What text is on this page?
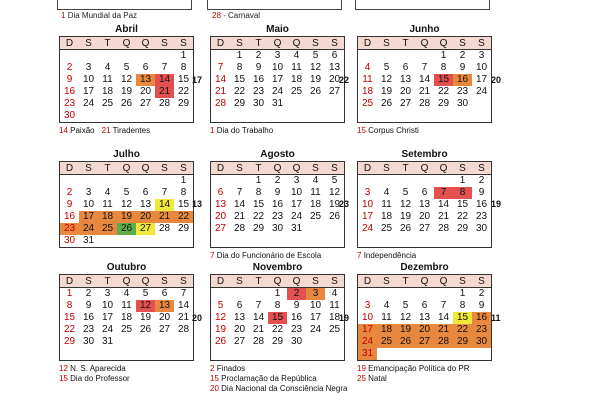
1 Dia Mundial da Paz	28 - Carnaval
Abril
D	S	T	Q	Q	S	S
						1
2	3	4	5	6	7	8
9	10	11	12	13	14	15
16	17	18	19	20	21	22
23	24	25	26	27	28	29
30						
14 Paixão 21 Tiradentes
17
Maio
D	S	T	Q	Q	S	S
	1	2	3	4	5	6
7	8	9	10	11	12	13
14	15	16	17	18	19	20
21	22	23	24	25	26	27
28	29	30	31			

1 Dia do Trabalho
22
Junho
D	S	T	Q	Q	S	S
				1	2	3
4	5	6	7	8	9	10
11	12	13	14	15	16	17
18	19	20	21	22	23	24
25	26	27	28	29	30	

15 Corpus Christi
20
Julho
D	S	T	Q	Q	S	S
						1
2	3	4	5	6	7	8
9	10	11	12	13	14	15
16	17	18	19	20	21	22
23	24	25	26	27	28	29
30	31					
13
Agosto
D	S	T	Q	Q	S	S
		1	2	3	4	5
6	7	8	9	10	11	12
13	14	15	16	17	18	19
20	21	22	23	24	25	26
27	28	29	30	31		

7 Dia do Funcionário de Escola
23
Setembro
D	S	T	Q	Q	S	S
					1	2
3	4	5	6	7	8	9
10	11	12	13	14	15	16
17	18	19	20	21	22	23
24	25	26	27	28	29	30

7 Independência
19
Outubro
D	S	T	Q	Q	S	S
1	2	3	4	5	6	7
8	9	10	11	12	13	14
15	16	17	18	19	20	21
22	23	24	25	26	27	28
29	30	31				

12 N. S. Aparecida
15 Dia do Professor
20
Novembro
D	S	T	Q	Q	S	S
			1	2	3	4
5	6	7	8	9	10	11
12	13	14	15	16	17	18
19	20	21	22	23	24	25
26	27	28	29	30		

2 Finados
15 Proclamação da República
20 Dia Nacional da Consciência Negra
19
Dezembro
D	S	T	Q	Q	S	S
					1	2
3	4	5	6	7	8	9
10	11	12	13	14	15	16
17	18	19	20	21	22	23
24	25	26	27	28	29	30
31						
19 Emancipação Política do PR
25 Natal
11
